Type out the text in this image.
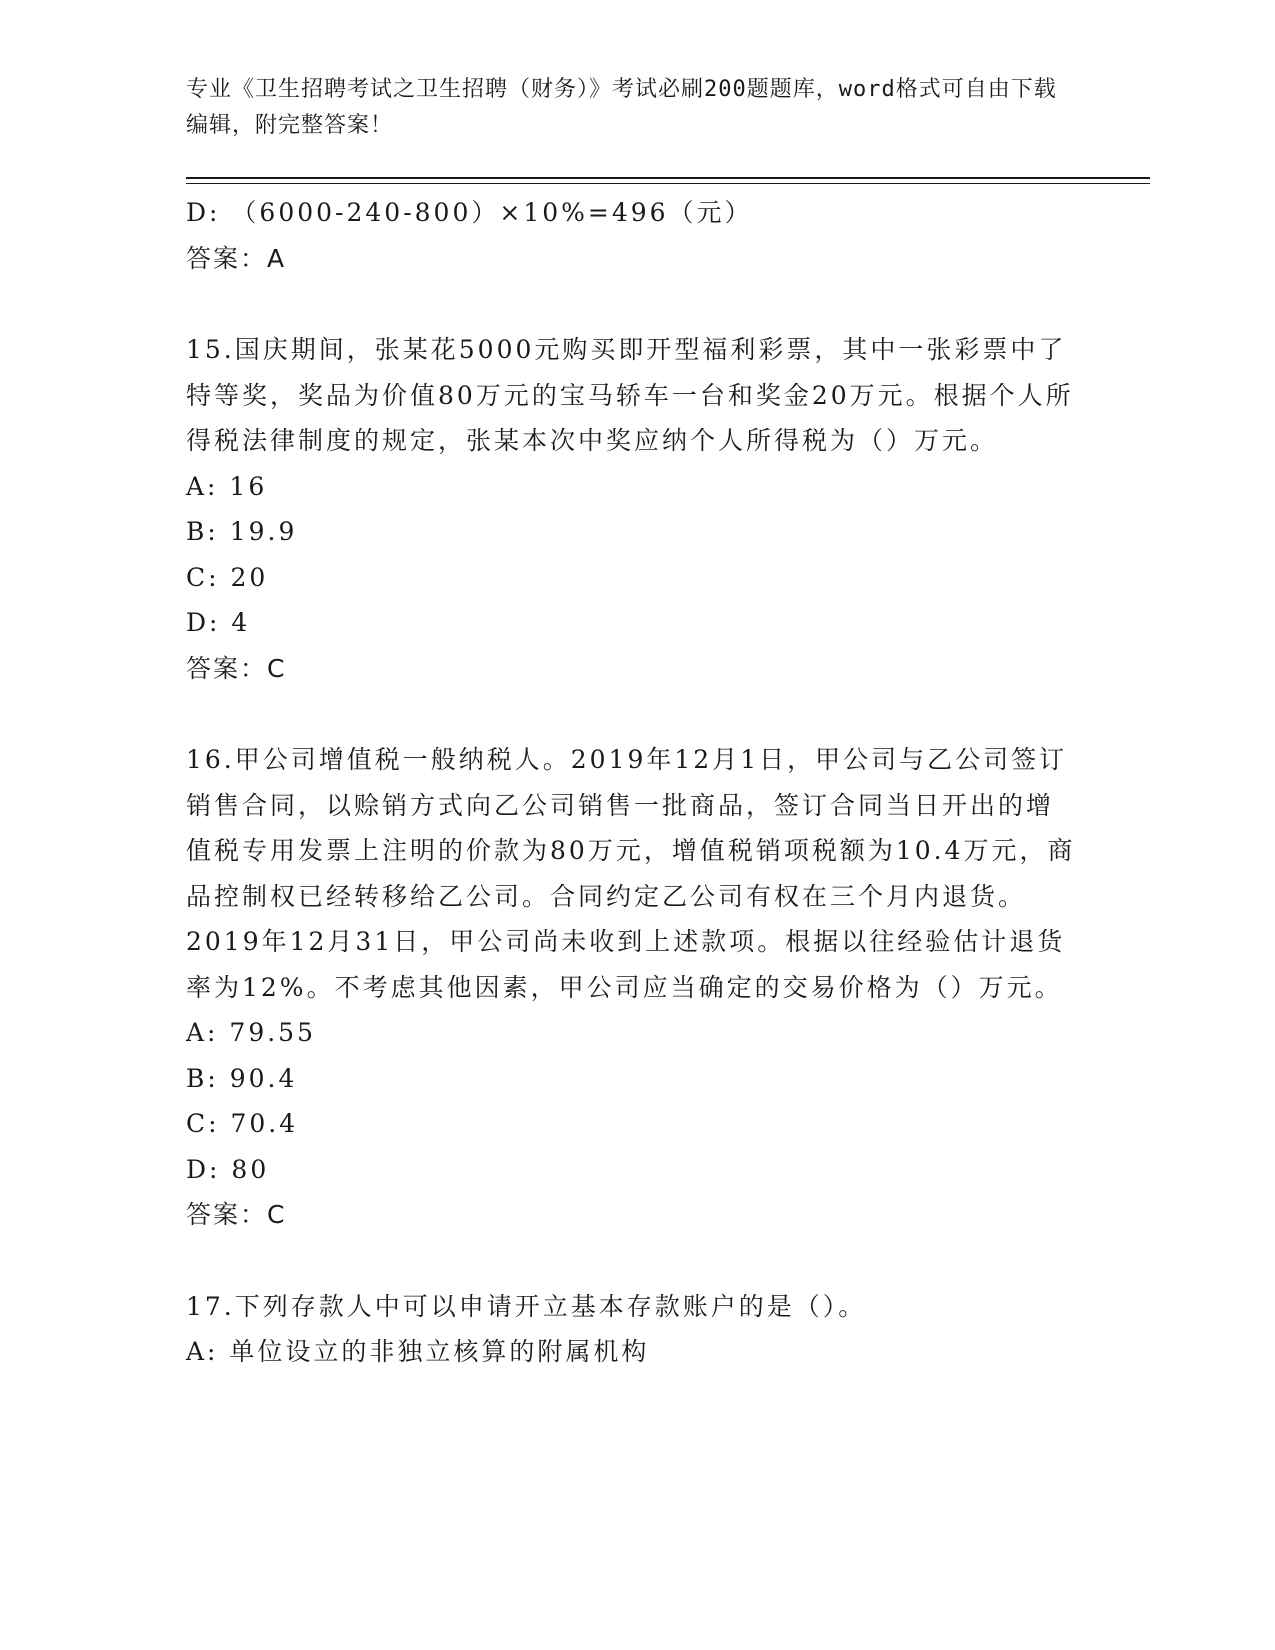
专业《卫生招聘考试之卫生招聘（财务）》考试必刷200题题库，word格式可自由下载编辑，附完整答案！
D: （6000-240-800）×10%=496（元）
答案：A
15.国庆期间，张某花5000元购买即开型福利彩票，其中一张彩票中了特等奖，奖品为价值80万元的宝马轿车一台和奖金20万元。根据个人所得税法律制度的规定，张某本次中奖应纳个人所得税为（）万元。
A: 16
B: 19.9
C: 20
D: 4
答案：C
16.甲公司增值税一般纳税人。2019年12月1日，甲公司与乙公司签订销售合同，以赊销方式向乙公司销售一批商品，签订合同当日开出的增值税专用发票上注明的价款为80万元，增值税销项税额为10.4万元，商品控制权已经转移给乙公司。合同约定乙公司有权在三个月内退货。2019年12月31日，甲公司尚未收到上述款项。根据以往经验估计退货率为12%。不考虑其他因素，甲公司应当确定的交易价格为（）万元。
A: 79.55
B: 90.4
C: 70.4
D: 80
答案：C
17.下列存款人中可以申请开立基本存款账户的是（）。
A: 单位设立的非独立核算的附属机构
